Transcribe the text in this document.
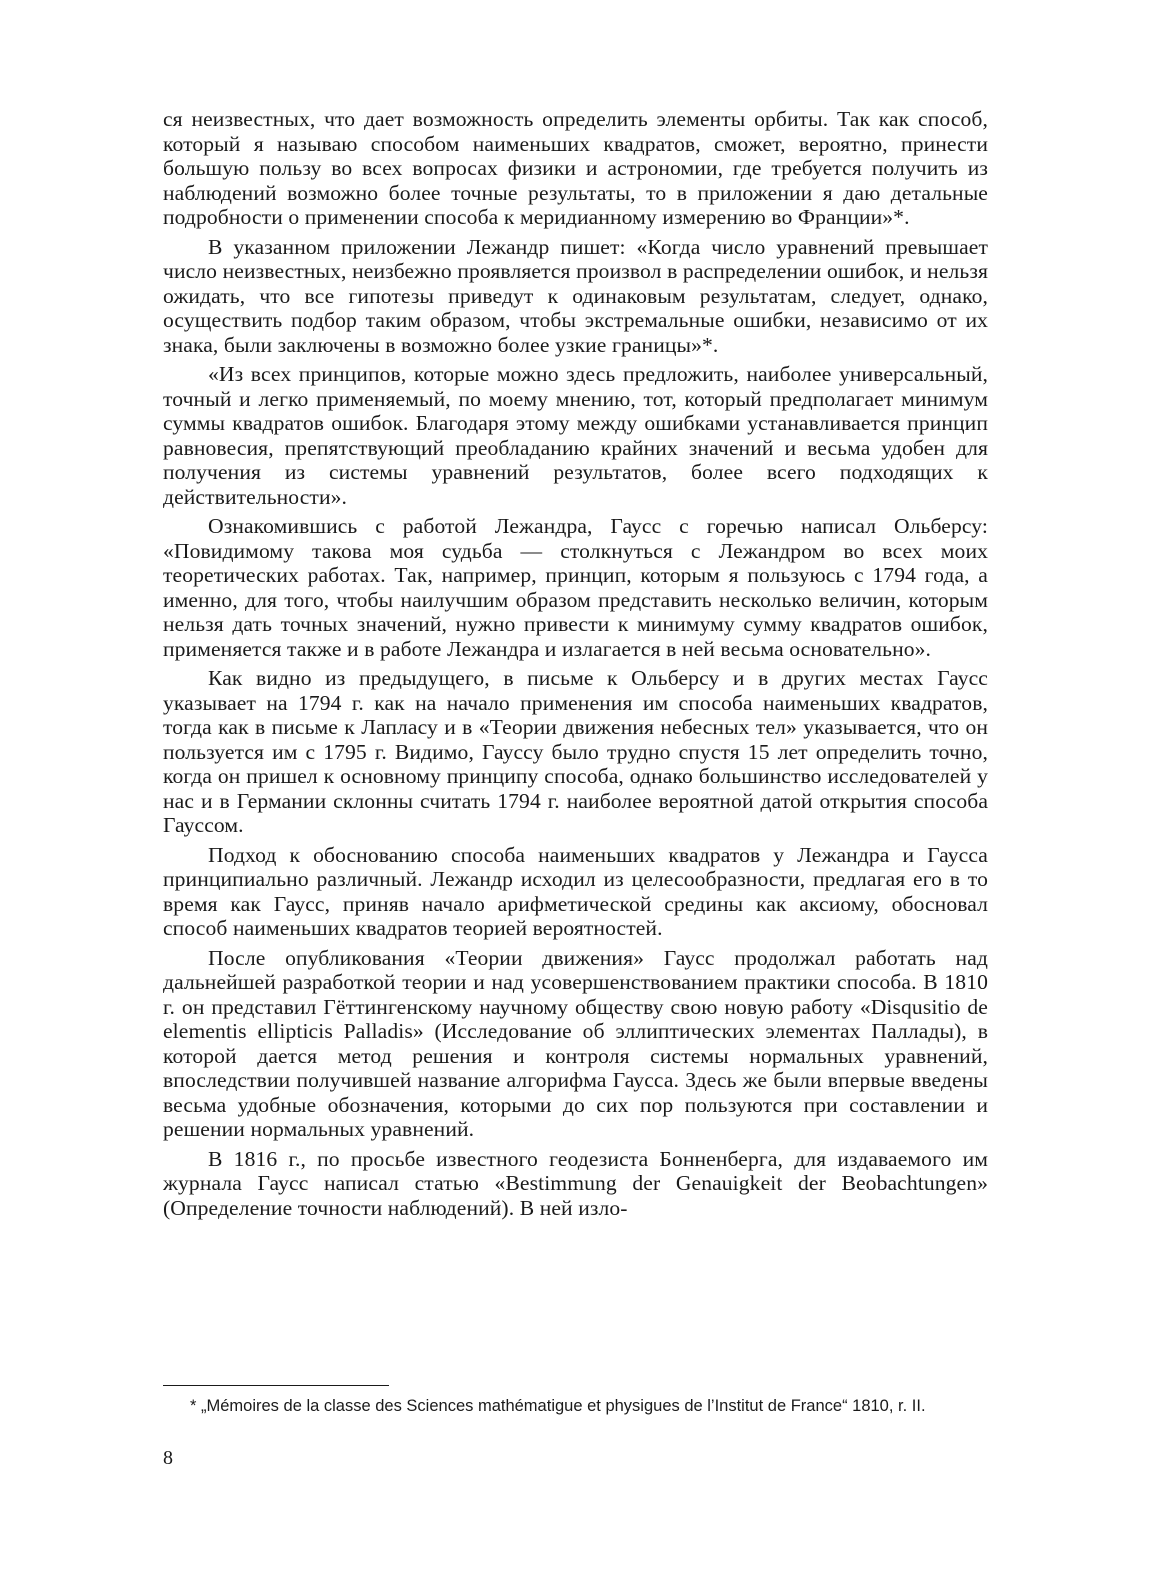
ся неизвестных, что дает возможность определить элементы орбиты. Так как способ, который я называю способом наименьших квадратов, сможет, вероятно, принести большую пользу во всех вопросах физики и астрономии, где требуется получить из наблюдений возможно более точные результаты, то в приложении я даю детальные подробности о применении способа к меридианному измерению во Франции»*.

В указанном приложении Лежандр пишет: «Когда число уравнений превышает число неизвестных, неизбежно проявляется произвол в распределении ошибок, и нельзя ожидать, что все гипотезы приведут к одинаковым результатам, следует, однако, осуществить подбор таким образом, чтобы экстремальные ошибки, независимо от их знака, были заключены в возможно более узкие границы»*.

«Из всех принципов, которые можно здесь предложить, наиболее универсальный, точный и легко применяемый, по моему мнению, тот, который предполагает минимум суммы квадратов ошибок. Благодаря этому между ошибками устанавливается принцип равновесия, препятствующий преобладанию крайних значений и весьма удобен для получения из системы уравнений результатов, более всего подходящих к действительности».

Ознакомившись с работой Лежандра, Гаусс с горечью написал Ольберсу: «Повидимому такова моя судьба — столкнуться с Лежандром во всех моих теоретических работах. Так, например, принцип, которым я пользуюсь с 1794 года, а именно, для того, чтобы наилучшим образом представить несколько величин, которым нельзя дать точных значений, нужно привести к минимуму сумму квадратов ошибок, применяется также и в работе Лежандра и излагается в ней весьма основательно».

Как видно из предыдущего, в письме к Ольберсу и в других местах Гаусс указывает на 1794 г. как на начало применения им способа наименьших квадратов, тогда как в письме к Лапласу и в «Теории движения небесных тел» указывается, что он пользуется им с 1795 г. Видимо, Гауссу было трудно спустя 15 лет определить точно, когда он пришел к основному принципу способа, однако большинство исследователей у нас и в Германии склонны считать 1794 г. наиболее вероятной датой открытия способа Гауссом.

Подход к обоснованию способа наименьших квадратов у Лежандра и Гаусса принципиально различный. Лежандр исходил из целесообразности, предлагая его в то время как Гаусс, приняв начало арифметической средины как аксиому, обосновал способ наименьших квадратов теорией вероятностей.

После опубликования «Теории движения» Гаусс продолжал работать над дальнейшей разработкой теории и над усовершенствованием практики способа. В 1810 г. он представил Гёттингенскому научному обществу свою новую работу «Disqusitio de elementis ellipticis Palladis» (Исследование об эллиптических элементах Паллады), в которой дается метод решения и контроля системы нормальных уравнений, впоследствии получившей название алгорифма Гаусса. Здесь же были впервые введены весьма удобные обозначения, которыми до сих пор пользуются при составлении и решении нормальных уравнений.

В 1816 г., по просьбе известного геодезиста Бонненберга, для издаваемого им журнала Гаусс написал статью «Bestimmung der Genauigkeit der Beobachtungen» (Определение точности наблюдений). В ней изло-

* „Mémoires de la classe des Sciences mathématigue et physigues de l’Institut de France“ 1810, r. II.
8
